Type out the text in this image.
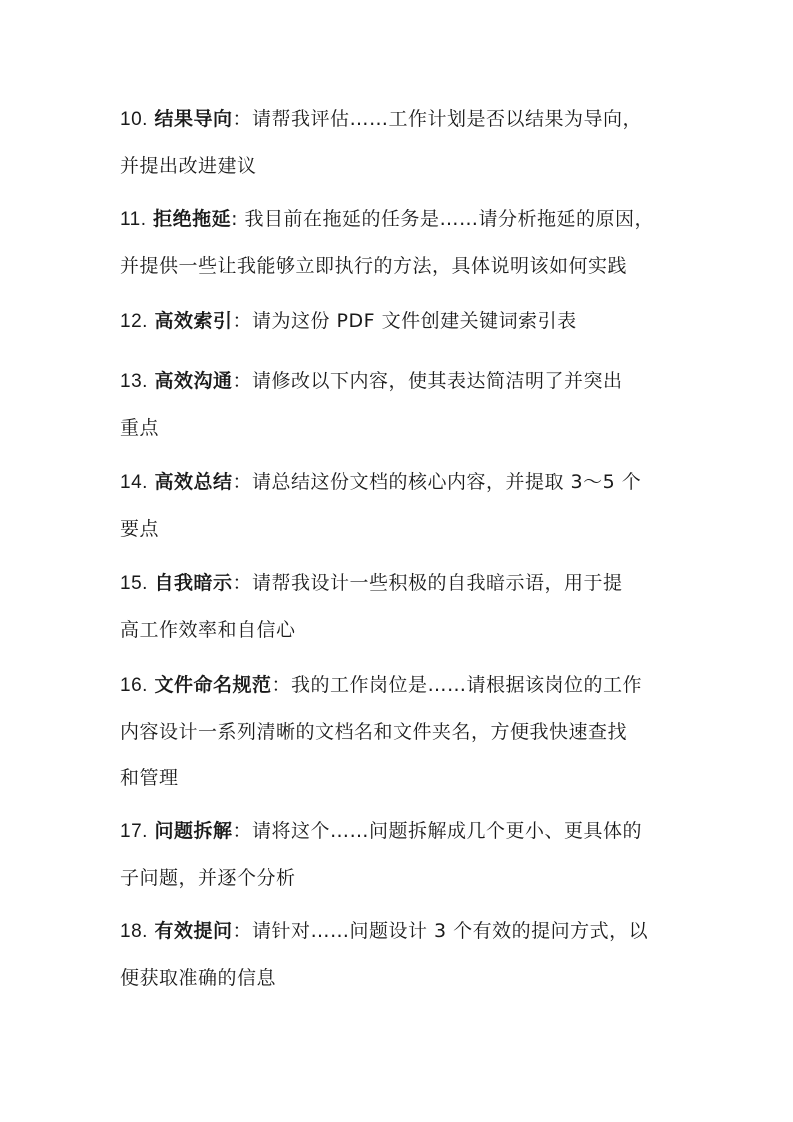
10. 结果导向：请帮我评估……工作计划是否以结果为导向，
并提出改进建议
11. 拒绝拖延: 我目前在拖延的任务是……请分析拖延的原因，
并提供一些让我能够立即执行的方法，具体说明该如何实践
12. 高效索引：请为这份 PDF 文件创建关键词索引表
13. 高效沟通：请修改以下内容，使其表达简洁明了并突出
重点
14. 高效总结：请总结这份文档的核心内容，并提取 3～5 个
要点
15. 自我暗示：请帮我设计一些积极的自我暗示语，用于提
高工作效率和自信心
16. 文件命名规范：我的工作岗位是……请根据该岗位的工作
内容设计一系列清晰的文档名和文件夹名，方便我快速查找
和管理
17. 问题拆解：请将这个……问题拆解成几个更小、更具体的
子问题，并逐个分析
18. 有效提问：请针对……问题设计 3 个有效的提问方式，以
便获取准确的信息
